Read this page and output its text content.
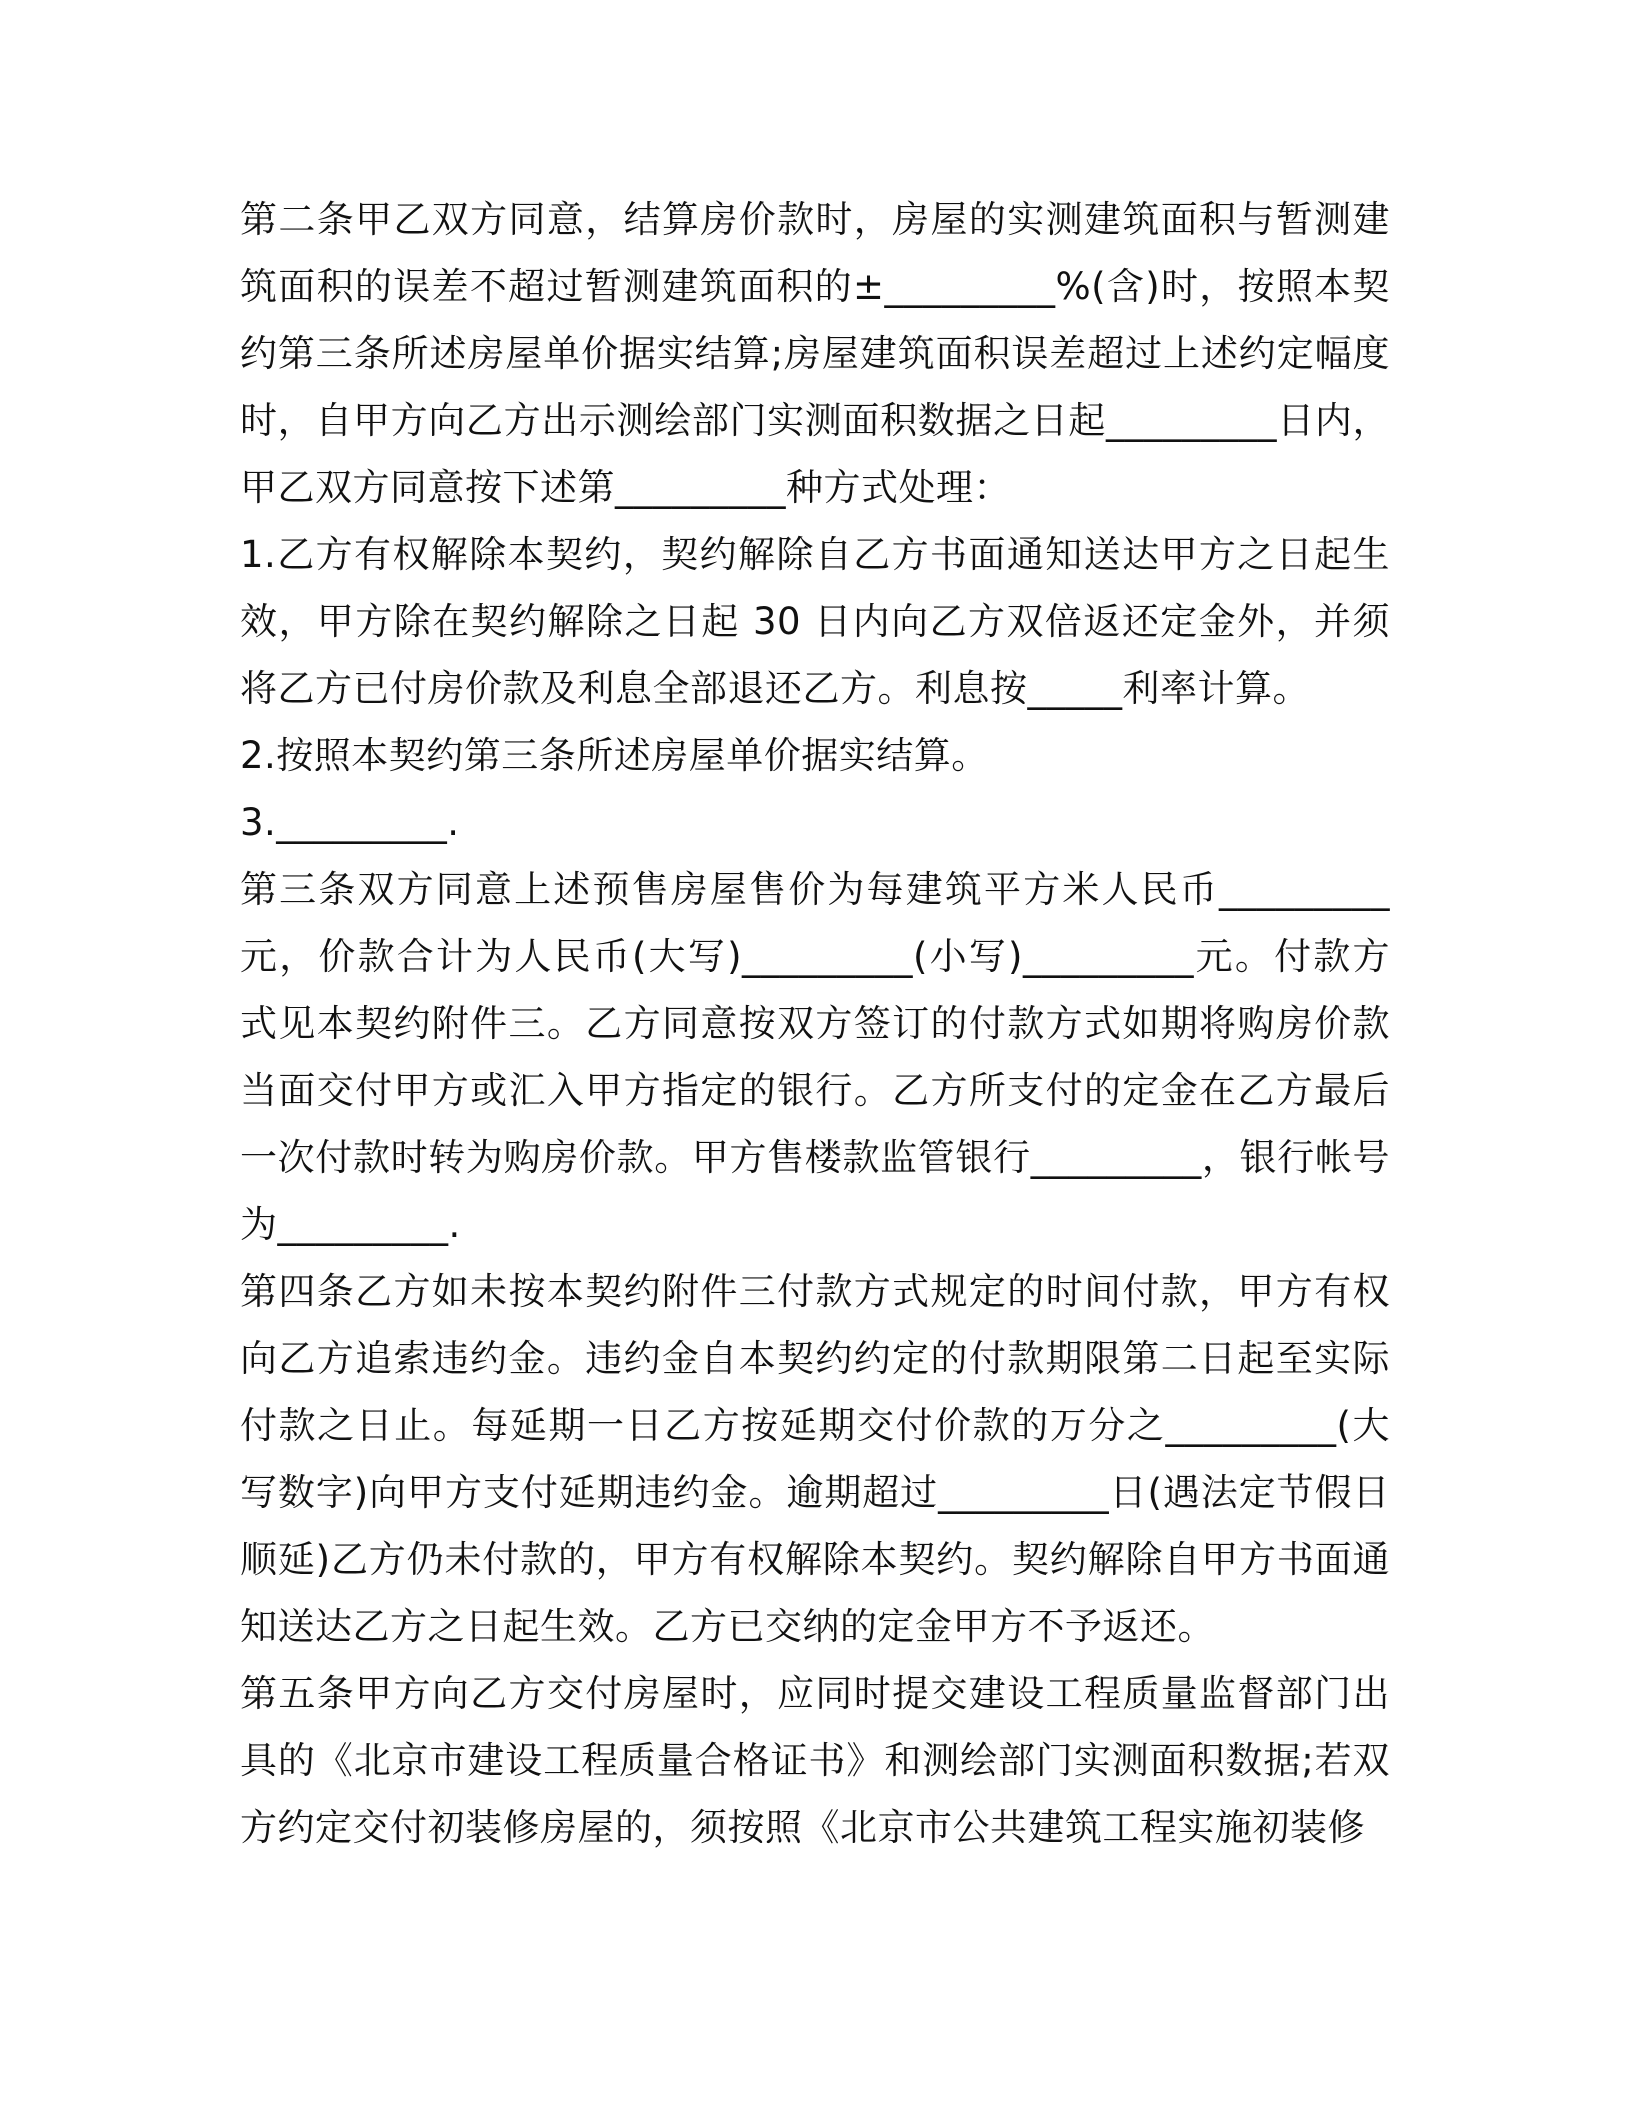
第二条甲乙双方同意，结算房价款时，房屋的实测建筑面积与暂测建筑面积的误差不超过暂测建筑面积的±_________%(含)时，按照本契约第三条所述房屋单价据实结算;房屋建筑面积误差超过上述约定幅度时，自甲方向乙方出示测绘部门实测面积数据之日起_________日内，甲乙双方同意按下述第_________种方式处理：

1.乙方有权解除本契约，契约解除自乙方书面通知送达甲方之日起生效，甲方除在契约解除之日起 30 日内向乙方双倍返还定金外，并须将乙方已付房价款及利息全部退还乙方。利息按_____利率计算。

2.按照本契约第三条所述房屋单价据实结算。

3._________.

第三条双方同意上述预售房屋售价为每建筑平方米人民币_________元，价款合计为人民币(大写)_________(小写)_________元。付款方式见本契约附件三。乙方同意按双方签订的付款方式如期将购房价款当面交付甲方或汇入甲方指定的银行。乙方所支付的定金在乙方最后一次付款时转为购房价款。甲方售楼款监管银行_________，银行帐号为_________.

第四条乙方如未按本契约附件三付款方式规定的时间付款，甲方有权向乙方追索违约金。违约金自本契约约定的付款期限第二日起至实际付款之日止。每延期一日乙方按延期交付价款的万分之_________(大写数字)向甲方支付延期违约金。逾期超过_________日(遇法定节假日顺延)乙方仍未付款的，甲方有权解除本契约。契约解除自甲方书面通知送达乙方之日起生效。乙方已交纳的定金甲方不予返还。

第五条甲方向乙方交付房屋时，应同时提交建设工程质量监督部门出具的《北京市建设工程质量合格证书》和测绘部门实测面积数据;若双方约定交付初装修房屋的，须按照《北京市公共建筑工程实施初装修
